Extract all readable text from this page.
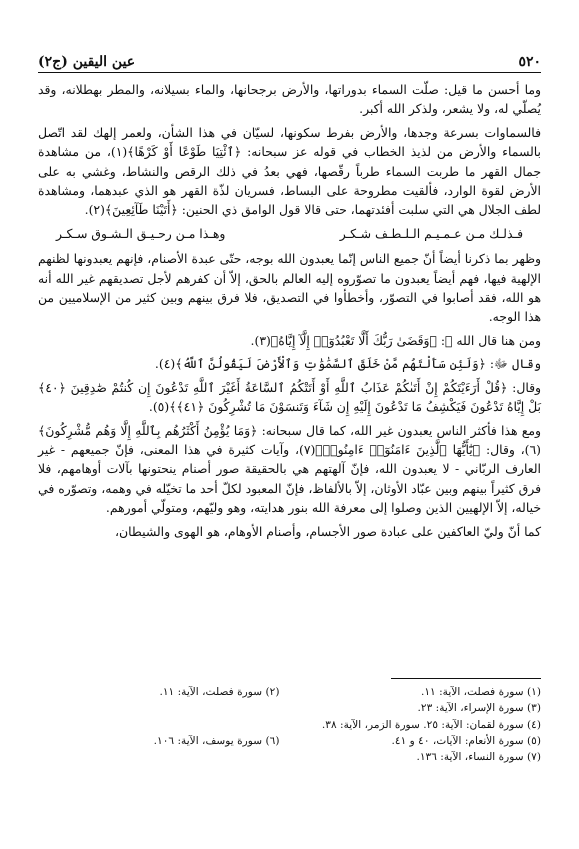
عين اليقين (ج٢)	٥٢٠

وما أحسن ما قيل: صلّت السماء بدوراتها، والأرض برجحانها، والماء بسيلانه، والمطر بهطلانه، وقد يُصلّي له، ولا يشعر، ولذكر الله أكبر.

فالسماوات بسرعة وجدها، والأرض بفرط سكونها، لسيّان في هذا الشأن، ولعمر إلهك لقد اتّصل بالسماء والأرض من لذيذ الخطاب في قوله عز سبحانه: ﴿ٱئْتِيَا طَوْعًا أَوْ كَرْهًا﴾(١)، من مشاهدة جمال القهر ما طربت السماء طرباً رقّصها، فهي بعدُ في ذلك الرقص والنشاط، وغشي به على الأرض لقوة الوارد، فألقيت مطروحة على البساط، فسريان لذّة القهر هو الذي عبدهما، ومشاهدة لطف الجلال هي التي سلبت أفئدتهما، حتى قالا قول الوامق ذي الحنين: ﴿أَتَيْنَا طَآئِعِينَ﴾(٢).

فـذلـك مـن عـمـيـم الـلـطـف شـكـر
وهـذا مـن رحـيـق الـشـوق سـكـر

وظهر بما ذكرنا أيضاً أنّ جميع الناس إنّما يعبدون الله بوجه، حتّى عبدة الأصنام، فإنهم يعبدونها لظنهم الإلهية فيها، فهم أيضاً يعبدون ما تصوّروه إليه العالم بالحق، إلاّ أن كفرهم لأجل تصديقهم غير الله أنه هو الله، فقد أصابوا في التصوّر، وأخطأوا في التصديق، فلا فرق بينهم وبين كثير من الإسلاميين من هذا الوجه.

ومن هنا قال الله ﷻ: ﴿وَقَضَىٰ رَبُّكَ أَلَّا تَعْبُدُوٓا۟ إِلَّآ إِيَّاهُ﴾(٣).

وقال ﷻ: ﴿وَلَئِن سَأَلْتَهُم مَّنْ خَلَقَ ٱلسَّمَٰوَٰتِ وَٱلْأَرْضَ لَيَقُولُنَّ ٱللَّهُ﴾(٤).

وقال: ﴿قُلْ أَرَءَيْتَكُمْ إِنْ أَتَىٰكُمْ عَذَابُ ٱللَّهِ أَوْ أَتَتْكُمُ ٱلسَّاعَةُ أَغَيْرَ ٱللَّهِ تَدْعُونَ إِن كُنتُمْ صَٰدِقِينَ ﴿٤٠﴾ بَلْ إِيَّاهُ تَدْعُونَ فَيَكْشِفُ مَا تَدْعُونَ إِلَيْهِ إِن شَآءَ وَتَنسَوْنَ مَا تُشْرِكُونَ ﴿٤١﴾﴾(٥).

ومع هذا فأكثر الناس يعبدون غير الله، كما قال سبحانه: ﴿وَمَا يُؤْمِنُ أَكْثَرُهُم بِٱللَّهِ إِلَّا وَهُم مُّشْرِكُونَ﴾(٦)، وقال: ﴿يَٰٓأَيُّهَا ٱلَّذِينَ ءَامَنُوٓا۟ ءَامِنُوا۟﴾(٧)، وآيات كثيرة في هذا المعنى، فإنّ جميعهم - غير العارف الربّاني - لا يعبدون الله، فإنّ آلهتهم هي بالحقيقة صور أصنام ينحتونها بآلات أوهامهم، فلا فرق كثيراً بينهم وبين عبّاد الأوثان، إلاّ بالألفاظ، فإنّ المعبود لكلّ أحد ما تخيّله في وهمه، وتصوّره في خياله، إلاّ الإلهيين الذين وصلوا إلى معرفة الله بنور هدايته، وهو وليّهم، ومتولّي أمورهم.

كما أنّ وليّ العاكفين على عبادة صور الأجسام، وأصنام الأوهام، هو الهوى والشيطان،

(١) سورة فصلت، الآية: ١١.
(٢) سورة فصلت، الآية: ١١.
(٣) سورة الإسراء، الآية: ٢٣.
(٤) سورة لقمان: الآية: ٢٥. سورة الزمر، الآية: ٣٨.
(٥) سورة الأنعام: الآيات، ٤٠ و ٤١.
(٦) سورة يوسف، الآية: ١٠٦.
(٧) سورة النساء، الآية: ١٣٦.
